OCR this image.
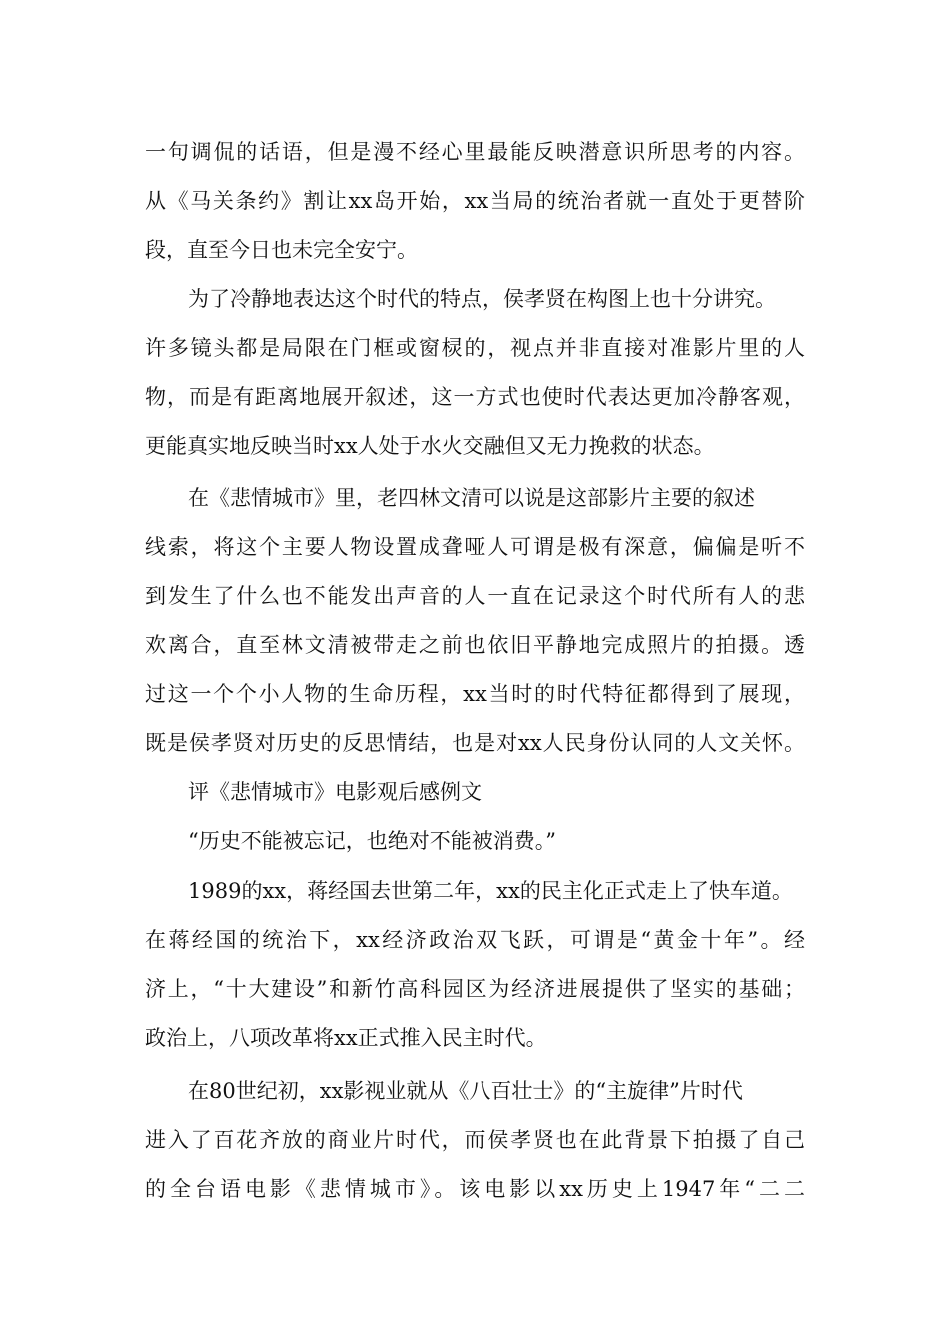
一句调侃的话语，但是漫不经心里最能反映潜意识所思考的内容。
从《马关条约》割让xx岛开始，xx当局的统治者就一直处于更替阶
段，直至今日也未完全安宁。
为了冷静地表达这个时代的特点，侯孝贤在构图上也十分讲究。
许多镜头都是局限在门框或窗棂的，视点并非直接对准影片里的人
物，而是有距离地展开叙述，这一方式也使时代表达更加冷静客观，
更能真实地反映当时xx人处于水火交融但又无力挽救的状态。
在《悲情城市》里，老四林文清可以说是这部影片主要的叙述
线索，将这个主要人物设置成聋哑人可谓是极有深意，偏偏是听不
到发生了什么也不能发出声音的人一直在记录这个时代所有人的悲
欢离合，直至林文清被带走之前也依旧平静地完成照片的拍摄。透
过这一个个小人物的生命历程，xx当时的时代特征都得到了展现，
既是侯孝贤对历史的反思情结，也是对xx人民身份认同的人文关怀。
评《悲情城市》电影观后感例文
“历史不能被忘记，也绝对不能被消费。”
1989的xx，蒋经国去世第二年，xx的民主化正式走上了快车道。
在蒋经国的统治下，xx经济政治双飞跃，可谓是“黄金十年”。经
济上，“十大建设”和新竹高科园区为经济进展提供了坚实的基础；
政治上，八项改革将xx正式推入民主时代。
在80世纪初，xx影视业就从《八百壮士》的“主旋律”片时代
进入了百花齐放的商业片时代，而侯孝贤也在此背景下拍摄了自己
的全台语电影《悲情城市》。该电影以xx历史上1947年“二二
